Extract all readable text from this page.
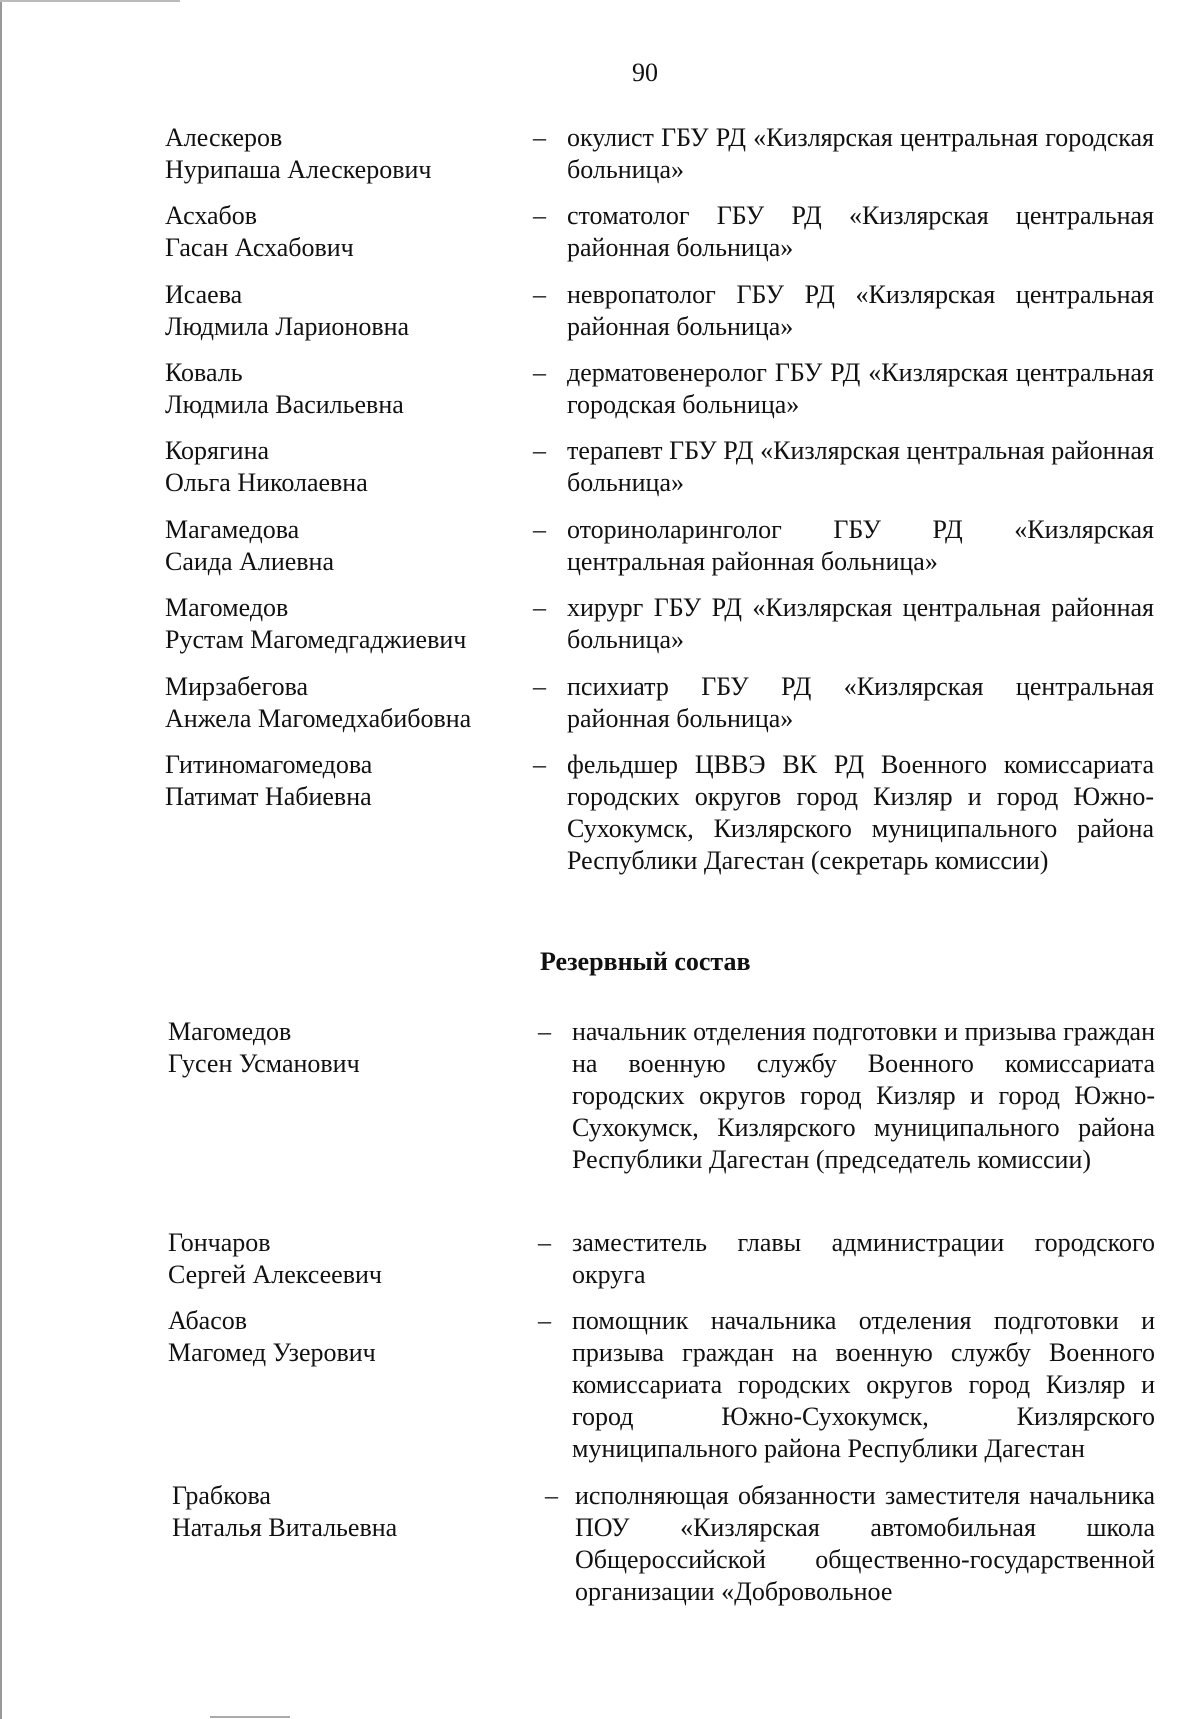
90
Алескеров
Нурипаша Алескерович
– окулист ГБУ РД «Кизлярская центральная городская больница»
Асхабов
Гасан Асхабович
– стоматолог ГБУ РД «Кизлярская центральная районная больница»
Исаева
Людмила Ларионовна
– невропатолог ГБУ РД «Кизлярская центральная районная больница»
Коваль
Людмила Васильевна
– дерматовенеролог ГБУ РД «Кизлярская центральная городская больница»
Корягина
Ольга Николаевна
– терапевт ГБУ РД «Кизлярская центральная районная больница»
Магамедова
Саида Алиевна
– оториноларинголог ГБУ РД «Кизлярская центральная районная больница»
Магомедов
Рустам Магомедгаджиевич
– хирург ГБУ РД «Кизлярская центральная районная больница»
Мирзабегова
Анжела Магомедхабибовна
– психиатр ГБУ РД «Кизлярская центральная районная больница»
Гитиномагомедова
Патимат Набиевна
– фельдшер ЦВВЭ ВК РД Военного комиссариата городских округов город Кизляр и город Южно-Сухокумск, Кизлярского муниципального района Республики Дагестан (секретарь комиссии)
Резервный состав
Магомедов
Гусен Усманович
– начальник отделения подготовки и призыва граждан на военную службу Военного комиссариата городских округов город Кизляр и город Южно-Сухокумск, Кизлярского муниципального района Республики Дагестан (председатель комиссии)
Гончаров
Сергей Алексеевич
– заместитель главы администрации городского округа
Абасов
Магомед Узерович
– помощник начальника отделения подготовки и призыва граждан на военную службу Военного комиссариата городских округов город Кизляр и город Южно-Сухокумск, Кизлярского муниципального района Республики Дагестан
Грабкова
Наталья Витальевна
– исполняющая обязанности заместителя начальника ПОУ «Кизлярская автомобильная школа Общероссийской общественно-государственной организации «Добровольное
